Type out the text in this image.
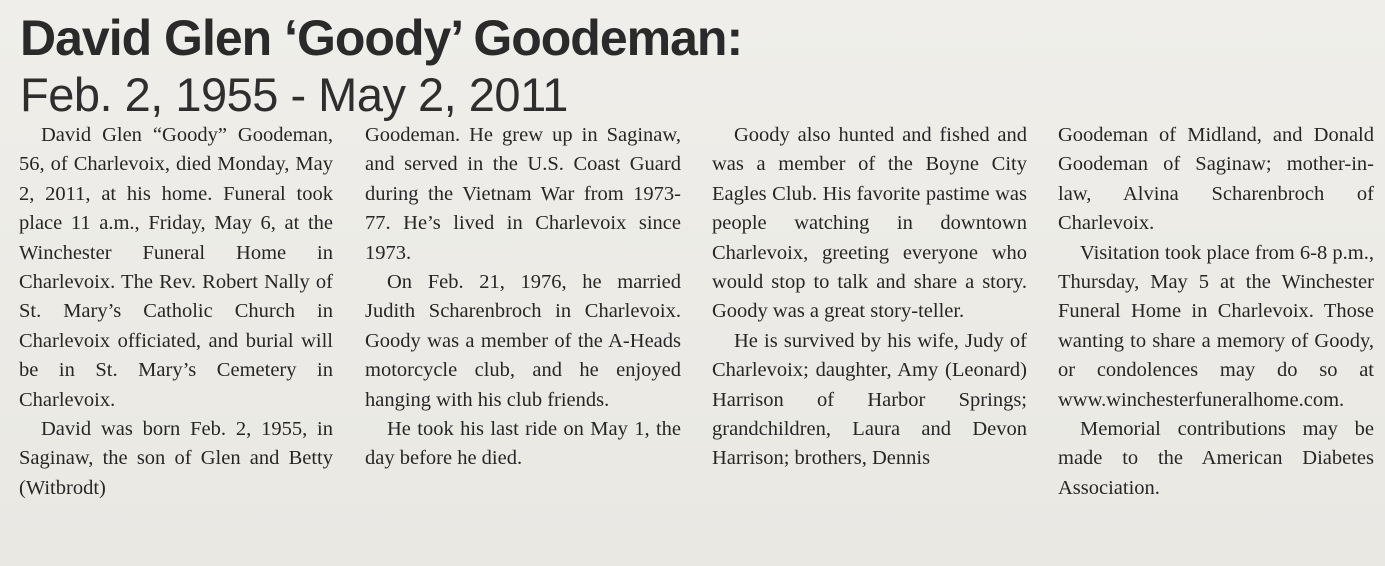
David Glen ‘Goody’ Goodeman:
Feb. 2, 1955 - May 2, 2011

David Glen “Goody” Goodeman, 56, of Charlevoix, died Monday, May 2, 2011, at his home. Funeral took place 11 a.m., Friday, May 6, at the Winchester Funeral Home in Charlevoix. The Rev. Robert Nally of St. Mary’s Catholic Church in Charlevoix officiated, and burial will be in St. Mary’s Cemetery in Charlevoix.

David was born Feb. 2, 1955, in Saginaw, the son of Glen and Betty (Witbrodt)

Goodeman. He grew up in Saginaw, and served in the U.S. Coast Guard during the Vietnam War from 1973-77. He’s lived in Charlevoix since 1973.

On Feb. 21, 1976, he married Judith Scharenbroch in Charlevoix. Goody was a member of the A-Heads motorcycle club, and he enjoyed hanging with his club friends.

He took his last ride on May 1, the day before he died.

Goody also hunted and fished and was a member of the Boyne City Eagles Club. His favorite pastime was people watching in downtown Charlevoix, greeting everyone who would stop to talk and share a story. Goody was a great story-teller.

He is survived by his wife, Judy of Charlevoix; daughter, Amy (Leonard) Harrison of Harbor Springs; grandchildren, Laura and Devon Harrison; brothers, Dennis

Goodeman of Midland, and Donald Goodeman of Saginaw; mother-in-law, Alvina Scharenbroch of Charlevoix.

Visitation took place from 6-8 p.m., Thursday, May 5 at the Winchester Funeral Home in Charlevoix. Those wanting to share a memory of Goody, or condolences may do so at www.winchesterfuneralhome.com.

Memorial contributions may be made to the American Diabetes Association.
